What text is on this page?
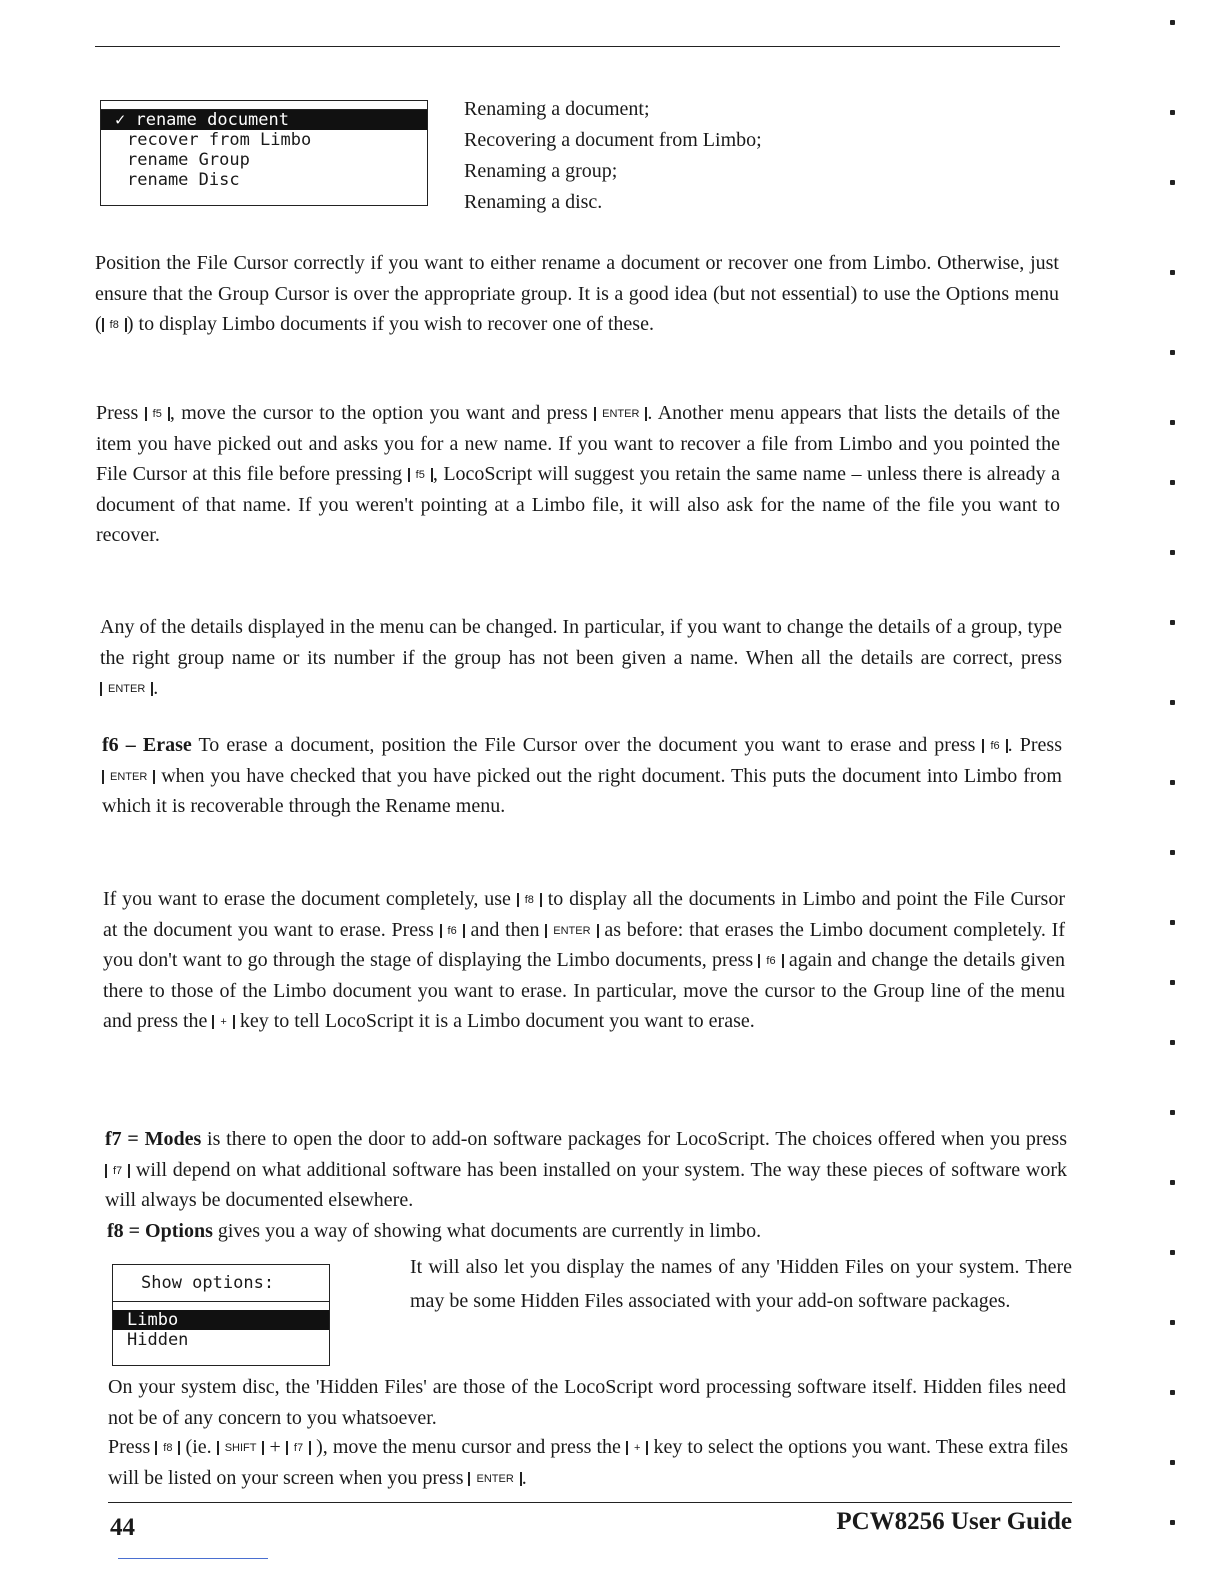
✓ rename document
recover from Limbo
rename Group
rename Disc
Renaming a document;
Recovering a document from Limbo;
Renaming a group;
Renaming a disc.

Position the File Cursor correctly if you want to either rename a document or recover one from Limbo. Otherwise, just ensure that the Group Cursor is over the appropriate group. It is a good idea (but not essential) to use the Options menu ( f8 ) to display Limbo documents if you wish to recover one of these.

Press f5 , move the cursor to the option you want and press ENTER . Another menu appears that lists the details of the item you have picked out and asks you for a new name. If you want to recover a file from Limbo and you pointed the File Cursor at this file before pressing f5 , LocoScript will suggest you retain the same name – unless there is already a document of that name. If you weren't pointing at a Limbo file, it will also ask for the name of the file you want to recover.

Any of the details displayed in the menu can be changed. In particular, if you want to change the details of a group, type the right group name or its number if the group has not been given a name. When all the details are correct, press ENTER .

f6 – Erase To erase a document, position the File Cursor over the document you want to erase and press f6 . Press ENTER when you have checked that you have picked out the right document. This puts the document into Limbo from which it is recoverable through the Rename menu.

If you want to erase the document completely, use f8 to display all the documents in Limbo and point the File Cursor at the document you want to erase. Press f6 and then ENTER as before: that erases the Limbo document completely. If you don't want to go through the stage of displaying the Limbo documents, press f6 again and change the details given there to those of the Limbo document you want to erase. In particular, move the cursor to the Group line of the menu and press the + key to tell LocoScript it is a Limbo document you want to erase.

f7 = Modes is there to open the door to add-on software packages for LocoScript. The choices offered when you press f7 will depend on what additional software has been installed on your system. The way these pieces of software work will always be documented elsewhere.

f8 = Options gives you a way of showing what documents are currently in limbo.

Show options:
Limbo
Hidden

It will also let you display the names of any 'Hidden Files on your system. There may be some Hidden Files associated with your add-on software packages.

On your system disc, the 'Hidden Files' are those of the LocoScript word processing software itself. Hidden files need not be of any concern to you whatsoever.

Press f8 (ie. SHIFT + f7 ), move the menu cursor and press the + key to select the options you want. These extra files will be listed on your screen when you press ENTER .

44	PCW8256 User Guide
